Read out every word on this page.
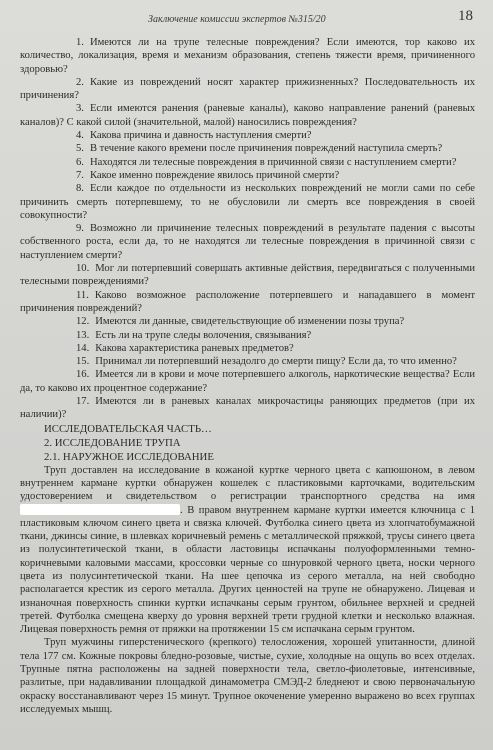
Заключение комиссии экспертов №315/20	18

1. Имеются ли на трупе телесные повреждения? Если имеются, тор каково их количество, локализация, время и механизм образования, степень тяжести время, причиненного здоровью?

2. Какие из повреждений носят характер прижизненных? Последовательность их причинения?

3. Если имеются ранения (раневые каналы), каково направление ранений (раневых каналов)? С какой силой (значительной, малой) наносились повреждения?

4. Какова причина и давность наступления смерти?

5. В течение какого времени после причинения повреждений наступила смерть?

6. Находятся ли телесные повреждения в причинной связи с наступлением смерти?

7. Какое именно повреждение явилось причиной смерти?

8. Если каждое по отдельности из нескольких повреждений не могли сами по себе причинить смерть потерпевшему, то не обусловили ли смерть все повреждения в своей совокупности?

9. Возможно ли причинение телесных повреждений в результате падения с высоты собственного роста, если да, то не находятся ли телесные повреждения в причинной связи с наступлением смерти?

10. Мог ли потерпевший совершать активные действия, передвигаться с полученными телесными повреждениями?

11. Каково возможное расположение потерпевшего и нападавшего в момент причинения повреждений?

12. Имеются ли данные, свидетельствующие об изменении позы трупа?

13. Есть ли на трупе следы волочения, связывания?

14. Какова характеристика раневых предметов?

15. Принимал ли потерпевший незадолго до смерти пищу? Если да, то что именно?

16. Имеется ли в крови и моче потерпевшего алкоголь, наркотические вещества? Если да, то каково их процентное содержание?

17. Имеются ли в раневых каналах микрочастицы раняющих предметов (при их наличии)?

ИССЛЕДОВАТЕЛЬСКАЯ ЧАСТЬ…

2. ИССЛЕДОВАНИЕ ТРУПА

2.1. НАРУЖНОЕ ИССЛЕДОВАНИЕ

Труп доставлен на исследование в кожаной куртке черного цвета с капюшоном, в левом внутреннем кармане куртки обнаружен кошелек с пластиковыми карточками, водительским удостоверением и свидетельством о регистрации транспортного средства на имя . В правом внутреннем кармане куртки имеется ключница с 1 пластиковым ключом синего цвета и связка ключей. Футболка синего цвета из хлопчатобумажной ткани, джинсы синие, в шлевках коричневый ремень с металлической пряжкой, трусы синего цвета из полусинтетической ткани, в области ластовицы испачканы полуоформленными темно-коричневыми каловыми массами, кроссовки черные со шнуровкой черного цвета, носки черного цвета из полусинтетической ткани. На шее цепочка из серого металла, на ней свободно располагается крестик из серого металла. Других ценностей на трупе не обнаружено. Лицевая и изнаночная поверхность спинки куртки испачканы серым грунтом, обильнее верхней и средней третей. Футболка смещена кверху до уровня верхней трети грудной клетки и несколько влажная. Лицевая поверхность ремня от пряжки на протяжении 15 см испачкана серым грунтом.

Труп мужчины гиперстенического (крепкого) телосложения, хорошей упитанности, длиной тела 177 см. Кожные покровы бледно-розовые, чистые, сухие, холодные на ощупь во всех отделах. Трупные пятна расположены на задней поверхности тела, светло-фиолетовые, интенсивные, разлитые, при надавливании площадкой динамометра СМЭД-2 бледнеют и свою первоначальную окраску восстанавливают через 15 минут. Трупное окоченение умеренно выражено во всех группах исследуемых мышц.
